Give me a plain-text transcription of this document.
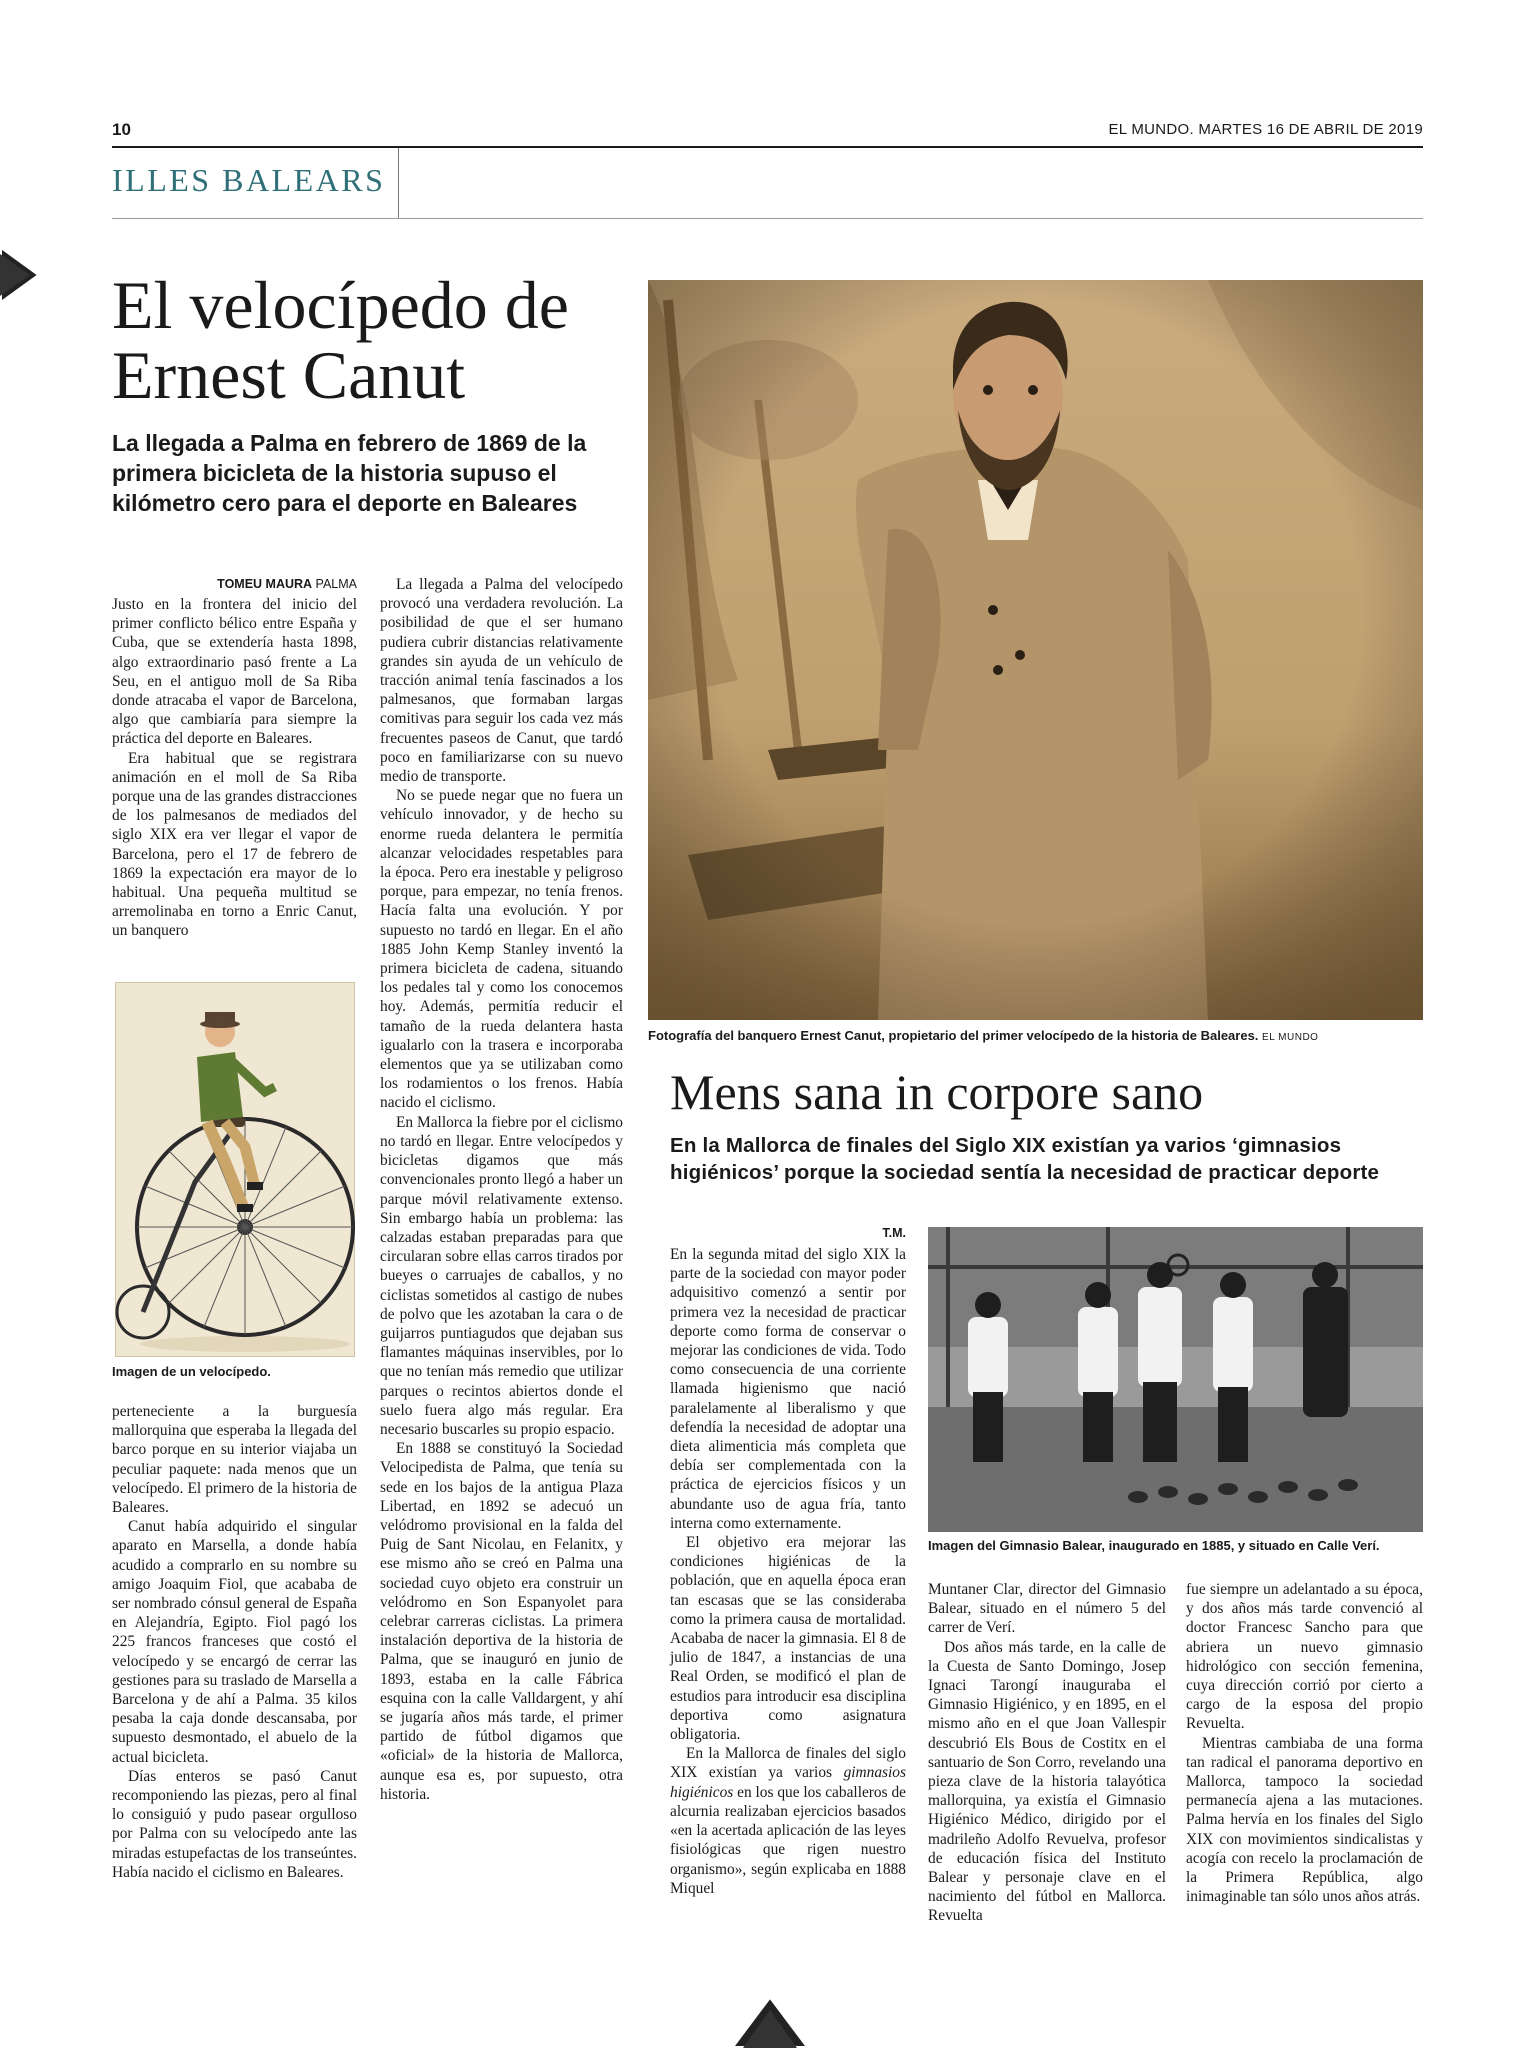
10	EL MUNDO. MARTES 16 DE ABRIL DE 2019
ILLES BALEARS
El velocípedo de Ernest Canut
La llegada a Palma en febrero de 1869 de la primera bicicleta de la historia supuso el kilómetro cero para el deporte en Baleares
TOMEU MAURA PALMA

Justo en la frontera del inicio del primer conflicto bélico entre España y Cuba, que se extendería hasta 1898, algo extraordinario pasó frente a La Seu, en el antiguo moll de Sa Riba donde atracaba el vapor de Barcelona, algo que cambiaría para siempre la práctica del deporte en Baleares.

Era habitual que se registrara animación en el moll de Sa Riba porque una de las grandes distracciones de los palmesanos de mediados del siglo XIX era ver llegar el vapor de Barcelona, pero el 17 de febrero de 1869 la expectación era mayor de lo habitual. Una pequeña multitud se arremolinaba en torno a Enric Canut, un banquero

Imagen de un velocípedo.

perteneciente a la burguesía mallorquina que esperaba la llegada del barco porque en su interior viajaba un peculiar paquete: nada menos que un velocípedo. El primero de la historia de Baleares.

Canut había adquirido el singular aparato en Marsella, a donde había acudido a comprarlo en su nombre su amigo Joaquim Fiol, que acababa de ser nombrado cónsul general de España en Alejandría, Egipto. Fiol pagó los 225 francos franceses que costó el velocípedo y se encargó de cerrar las gestiones para su traslado de Marsella a Barcelona y de ahí a Palma. 35 kilos pesaba la caja donde descansaba, por supuesto desmontado, el abuelo de la actual bicicleta.

Días enteros se pasó Canut recomponiendo las piezas, pero al final lo consiguió y pudo pasear orgulloso por Palma con su velocípedo ante las miradas estupefactas de los transeúntes. Había nacido el ciclismo en Baleares.

La llegada a Palma del velocípedo provocó una verdadera revolución. La posibilidad de que el ser humano pudiera cubrir distancias relativamente grandes sin ayuda de un vehículo de tracción animal tenía fascinados a los palmesanos, que formaban largas comitivas para seguir los cada vez más frecuentes paseos de Canut, que tardó poco en familiarizarse con su nuevo medio de transporte.

No se puede negar que no fuera un vehículo innovador, y de hecho su enorme rueda delantera le permitía alcanzar velocidades respetables para la época. Pero era inestable y peligroso porque, para empezar, no tenía frenos. Hacía falta una evolución. Y por supuesto no tardó en llegar. En el año 1885 John Kemp Stanley inventó la primera bicicleta de cadena, situando los pedales tal y como los conocemos hoy. Además, permitía reducir el tamaño de la rueda delantera hasta igualarlo con la trasera e incorporaba elementos que ya se utilizaban como los rodamientos o los frenos. Había nacido el ciclismo.

En Mallorca la fiebre por el ciclismo no tardó en llegar. Entre velocípedos y bicicletas digamos que más convencionales pronto llegó a haber un parque móvil relativamente extenso. Sin embargo había un problema: las calzadas estaban preparadas para que circularan sobre ellas carros tirados por bueyes o carruajes de caballos, y no ciclistas sometidos al castigo de nubes de polvo que les azotaban la cara o de guijarros puntiagudos que dejaban sus flamantes máquinas inservibles, por lo que no tenían más remedio que utilizar parques o recintos abiertos donde el suelo fuera algo más regular. Era necesario buscarles su propio espacio.

En 1888 se constituyó la Sociedad Velocipedista de Palma, que tenía su sede en los bajos de la antigua Plaza Libertad, en 1892 se adecuó un velódromo provisional en la falda del Puig de Sant Nicolau, en Felanitx, y ese mismo año se creó en Palma una sociedad cuyo objeto era construir un velódromo en Son Espanyolet para celebrar carreras ciclistas. La primera instalación deportiva de la historia de Palma, que se inauguró en junio de 1893, estaba en la calle Fábrica esquina con la calle Valldargent, y ahí se jugaría años más tarde, el primer partido de fútbol digamos que «oficial» de la historia de Mallorca, aunque esa es, por supuesto, otra historia.

Fotografía del banquero Ernest Canut, propietario del primer velocípedo de la historia de Baleares. EL MUNDO
Mens sana in corpore sano
En la Mallorca de finales del Siglo XIX existían ya varios ‘gimnasios higiénicos’ porque la sociedad sentía la necesidad de practicar deporte
T.M.

En la segunda mitad del siglo XIX la parte de la sociedad con mayor poder adquisitivo comenzó a sentir por primera vez la necesidad de practicar deporte como forma de conservar o mejorar las condiciones de vida. Todo como consecuencia de una corriente llamada higienismo que nació paralelamente al liberalismo y que defendía la necesidad de adoptar una dieta alimenticia más completa que debía ser complementada con la práctica de ejercicios físicos y un abundante uso de agua fría, tanto interna como externamente.

El objetivo era mejorar las condiciones higiénicas de la población, que en aquella época eran tan escasas que se las consideraba como la primera causa de mortalidad. Acababa de nacer la gimnasia. El 8 de julio de 1847, a instancias de una Real Orden, se modificó el plan de estudios para introducir esa disciplina deportiva como asignatura obligatoria.

En la Mallorca de finales del siglo XIX existían ya varios gimnasios higiénicos en los que los caballeros de alcurnia realizaban ejercicios basados «en la acertada aplicación de las leyes fisiológicas que rigen nuestro organismo», según explicaba en 1888 Miquel

Imagen del Gimnasio Balear, inaugurado en 1885, y situado en Calle Verí.

Muntaner Clar, director del Gimnasio Balear, situado en el número 5 del carrer de Verí.

Dos años más tarde, en la calle de la Cuesta de Santo Domingo, Josep Ignaci Tarongí inauguraba el Gimnasio Higiénico, y en 1895, en el mismo año en el que Joan Vallespir descubrió Els Bous de Costitx en el santuario de Son Corro, revelando una pieza clave de la historia talayótica mallorquina, ya existía el Gimnasio Higiénico Médico, dirigido por el madrileño Adolfo Revuelva, profesor de educación física del Instituto Balear y personaje clave en el nacimiento del fútbol en Mallorca. Revuelta

fue siempre un adelantado a su época, y dos años más tarde convenció al doctor Francesc Sancho para que abriera un nuevo gimnasio hidrológico con sección femenina, cuya dirección corrió por cierto a cargo de la esposa del propio Revuelta.

Mientras cambiaba de una forma tan radical el panorama deportivo en Mallorca, tampoco la sociedad permanecía ajena a las mutaciones. Palma hervía en los finales del Siglo XIX con movimientos sindicalistas y acogía con recelo la proclamación de la Primera República, algo inimaginable tan sólo unos años atrás.
